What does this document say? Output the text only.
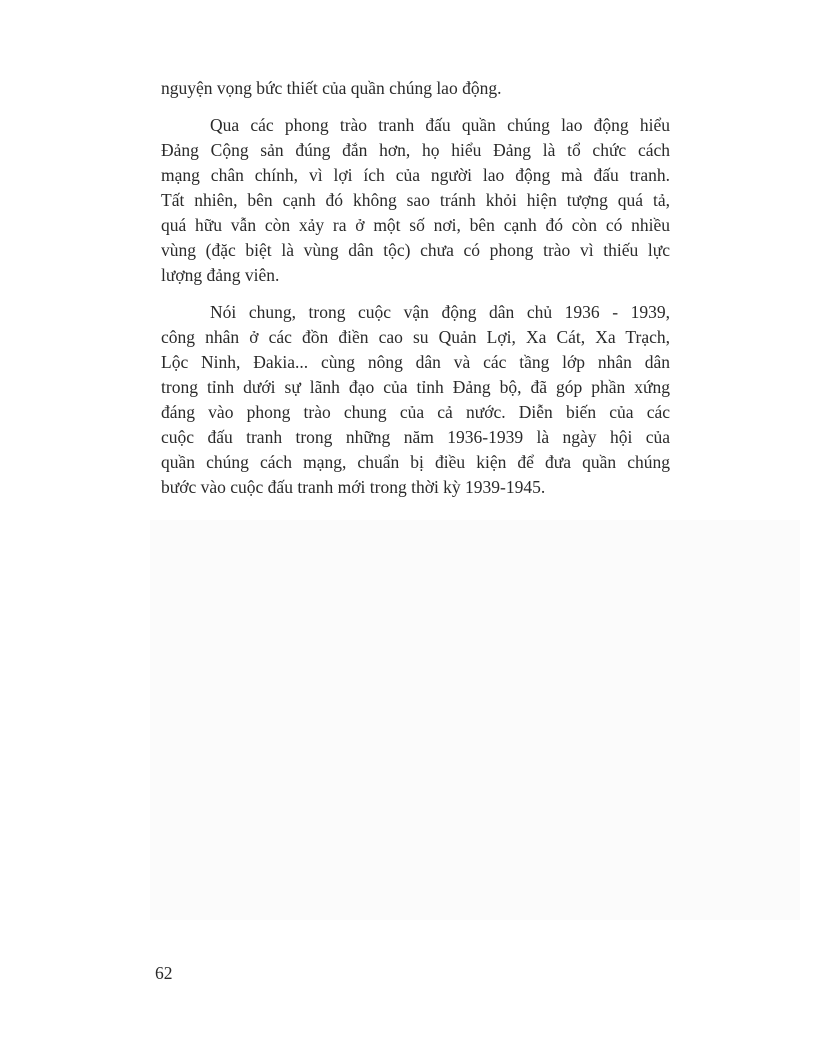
nguyện vọng bức thiết của quần chúng lao động.
Qua các phong trào tranh đấu quần chúng lao động hiểu
Đảng Cộng sản đúng đắn hơn, họ hiểu Đảng là tổ chức cách
mạng chân chính, vì lợi ích của người lao động mà đấu tranh.
Tất nhiên, bên cạnh đó không sao tránh khỏi hiện tượng quá tả,
quá hữu vẫn còn xảy ra ở một số nơi, bên cạnh đó còn có nhiều
vùng (đặc biệt là vùng dân tộc) chưa có phong trào vì thiếu lực
lượng đảng viên.
Nói chung, trong cuộc vận động dân chủ 1936 - 1939,
công nhân ở các đồn điền cao su Quản Lợi, Xa Cát, Xa Trạch,
Lộc Ninh, Đakia... cùng nông dân và các tầng lớp nhân dân
trong tỉnh dưới sự lãnh đạo của tỉnh Đảng bộ, đã góp phần xứng
đáng vào phong trào chung của cả nước. Diễn biến của các
cuộc đấu tranh trong những năm 1936-1939 là ngày hội của
quần chúng cách mạng, chuẩn bị điều kiện để đưa quần chúng
bước vào cuộc đấu tranh mới trong thời kỳ 1939-1945.
62
